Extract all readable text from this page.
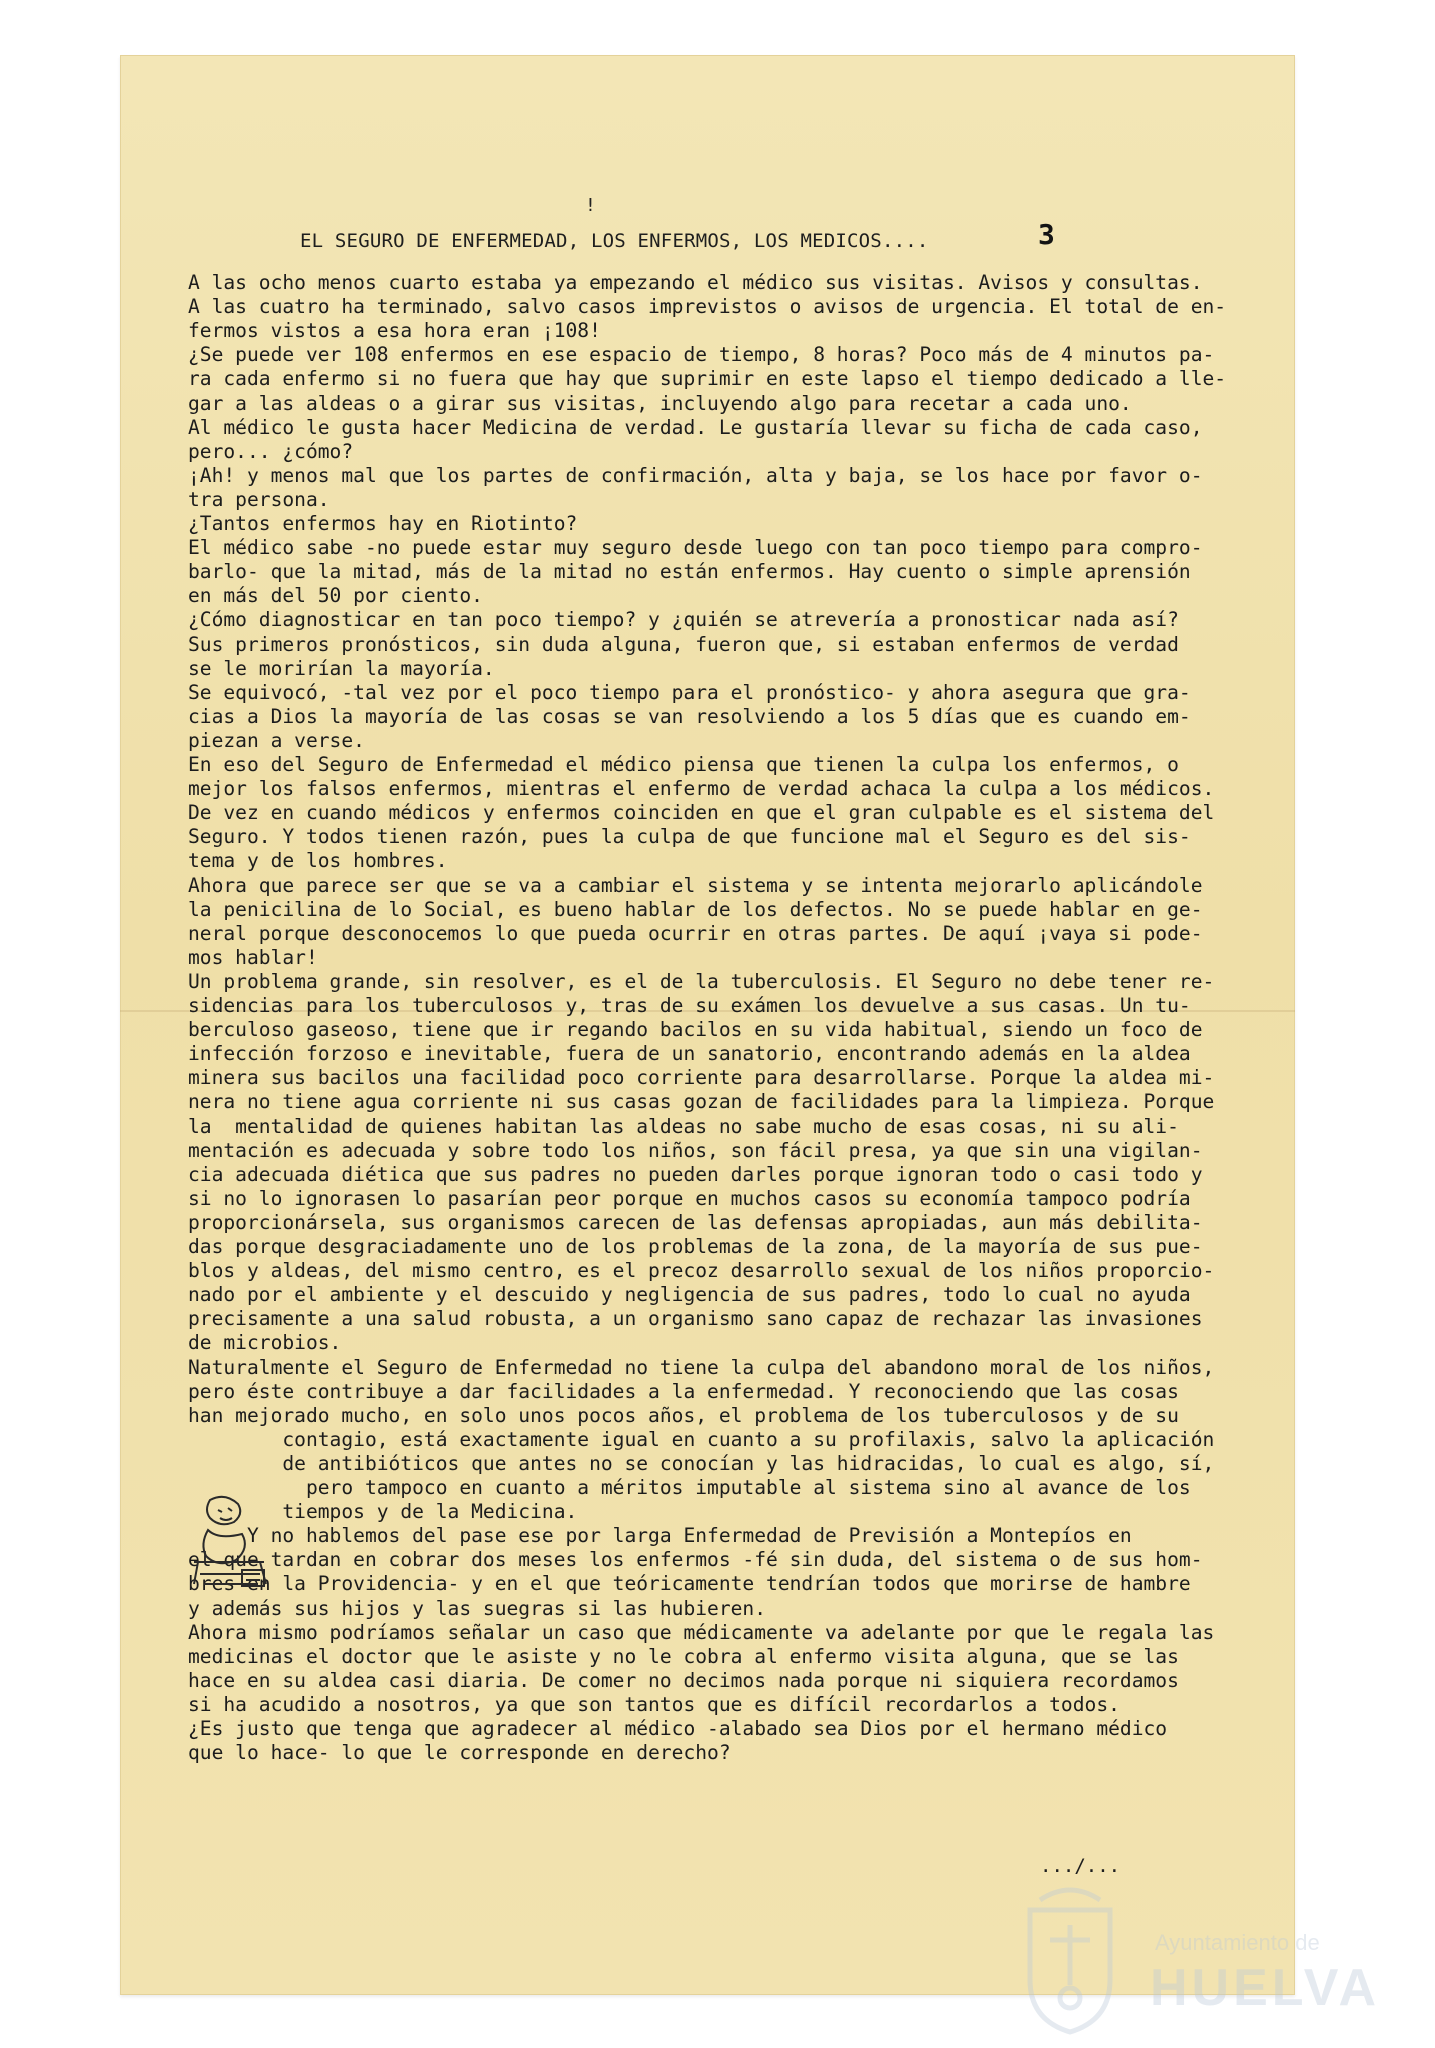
!
3
EL SEGURO DE ENFERMEDAD, LOS ENFERMOS, LOS MEDICOS....
A las ocho menos cuarto estaba ya empezando el médico sus visitas. Avisos y consultas.
A las cuatro ha terminado, salvo casos imprevistos o avisos de urgencia. El total de en-
fermos vistos a esa hora eran ¡108!
¿Se puede ver 108 enfermos en ese espacio de tiempo, 8 horas? Poco más de 4 minutos pa-
ra cada enfermo si no fuera que hay que suprimir en este lapso el tiempo dedicado a lle-
gar a las aldeas o a girar sus visitas, incluyendo algo para recetar a cada uno.
Al médico le gusta hacer Medicina de verdad. Le gustaría llevar su ficha de cada caso,
pero... ¿cómo?
¡Ah! y menos mal que los partes de confirmación, alta y baja, se los hace por favor o-
tra persona.
¿Tantos enfermos hay en Riotinto?
El médico sabe -no puede estar muy seguro desde luego con tan poco tiempo para compro-
barlo- que la mitad, más de la mitad no están enfermos. Hay cuento o simple aprensión
en más del 50 por ciento.
¿Cómo diagnosticar en tan poco tiempo? y ¿quién se atrevería a pronosticar nada así?
Sus primeros pronósticos, sin duda alguna, fueron que, si estaban enfermos de verdad
se le morirían la mayoría.
Se equivocó, -tal vez por el poco tiempo para el pronóstico- y ahora asegura que gra-
cias a Dios la mayoría de las cosas se van resolviendo a los 5 días que es cuando em-
piezan a verse.
En eso del Seguro de Enfermedad el médico piensa que tienen la culpa los enfermos, o
mejor los falsos enfermos, mientras el enfermo de verdad achaca la culpa a los médicos.
De vez en cuando médicos y enfermos coinciden en que el gran culpable es el sistema del
Seguro. Y todos tienen razón, pues la culpa de que funcione mal el Seguro es del sis-
tema y de los hombres.
Ahora que parece ser que se va a cambiar el sistema y se intenta mejorarlo aplicándole
la penicilina de lo Social, es bueno hablar de los defectos. No se puede hablar en ge-
neral porque desconocemos lo que pueda ocurrir en otras partes. De aquí ¡vaya si pode-
mos hablar!
Un problema grande, sin resolver, es el de la tuberculosis. El Seguro no debe tener re-
sidencias para los tuberculosos y, tras de su exámen los devuelve a sus casas. Un tu-
berculoso gaseoso, tiene que ir regando bacilos en su vida habitual, siendo un foco de
infección forzoso e inevitable, fuera de un sanatorio, encontrando además en la aldea
minera sus bacilos una facilidad poco corriente para desarrollarse. Porque la aldea mi-
nera no tiene agua corriente ni sus casas gozan de facilidades para la limpieza. Porque
la  mentalidad de quienes habitan las aldeas no sabe mucho de esas cosas, ni su ali-
mentación es adecuada y sobre todo los niños, son fácil presa, ya que sin una vigilan-
cia adecuada diética que sus padres no pueden darles porque ignoran todo o casi todo y
si no lo ignorasen lo pasarían peor porque en muchos casos su economía tampoco podría
proporcionársela, sus organismos carecen de las defensas apropiadas, aun más debilita-
das porque desgraciadamente uno de los problemas de la zona, de la mayoría de sus pue-
blos y aldeas, del mismo centro, es el precoz desarrollo sexual de los niños proporcio-
nado por el ambiente y el descuido y negligencia de sus padres, todo lo cual no ayuda
precisamente a una salud robusta, a un organismo sano capaz de rechazar las invasiones
de microbios.
Naturalmente el Seguro de Enfermedad no tiene la culpa del abandono moral de los niños,
pero éste contribuye a dar facilidades a la enfermedad. Y reconociendo que las cosas
han mejorado mucho, en solo unos pocos años, el problema de los tuberculosos y de su
contagio, está exactamente igual en cuanto a su profilaxis, salvo la aplicación
de antibióticos que antes no se conocían y las hidracidas, lo cual es algo, sí,
pero tampoco en cuanto a méritos imputable al sistema sino al avance de los
tiempos y de la Medicina.
Y no hablemos del pase ese por larga Enfermedad de Previsión a Montepíos en
el que tardan en cobrar dos meses los enfermos -fé sin duda, del sistema o de sus hom-
bres en la Providencia- y en el que teóricamente tendrían todos que morirse de hambre
y además sus hijos y las suegras si las hubieren.
Ahora mismo podríamos señalar un caso que médicamente va adelante por que le regala las
medicinas el doctor que le asiste y no le cobra al enfermo visita alguna, que se las
hace en su aldea casi diaria. De comer no decimos nada porque ni siquiera recordamos
si ha acudido a nosotros, ya que son tantos que es difícil recordarlos a todos.
¿Es justo que tenga que agradecer al médico -alabado sea Dios por el hermano médico
que lo hace- lo que le corresponde en derecho?
.../...
Ayuntamiento de
HUELVA
